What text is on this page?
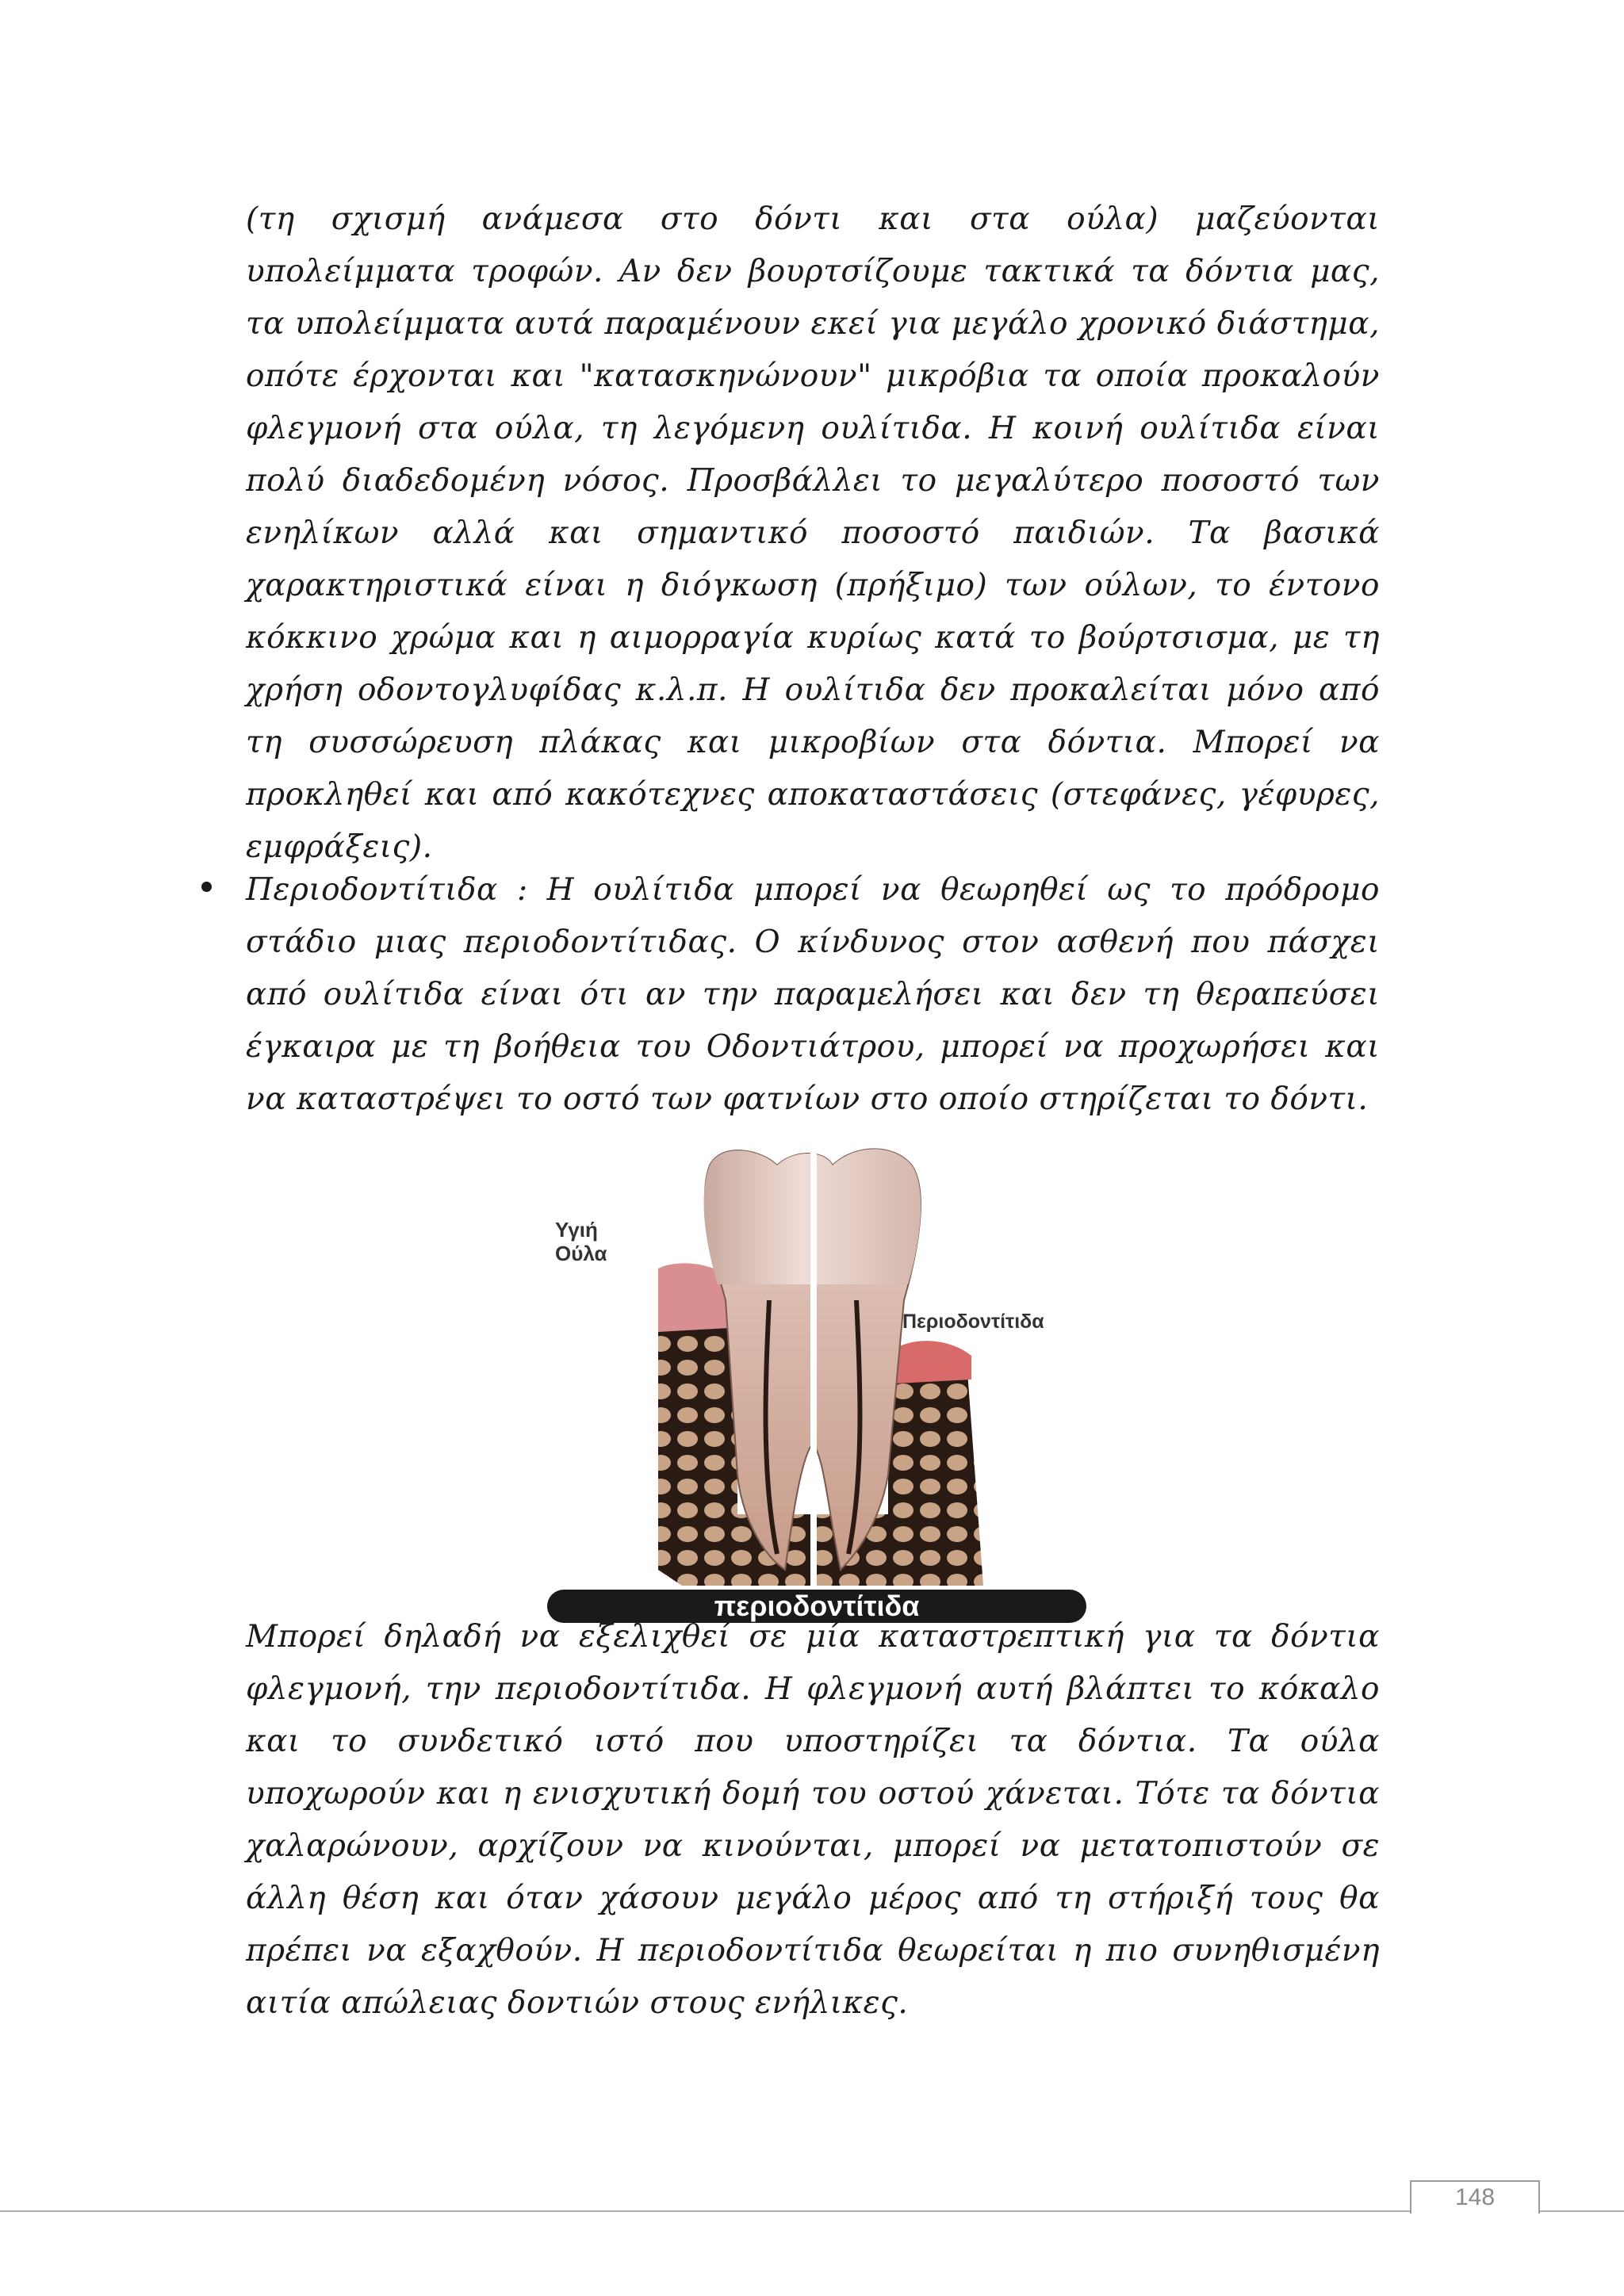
(τη σχισμή ανάμεσα στο δόντι και στα ούλα) μαζεύονται υπολείμματα τροφών. Αν δεν βουρτσίζουμε τακτικά τα δόντια μας, τα υπολείμματα αυτά παραμένουν εκεί για μεγάλο χρονικό διάστημα, οπότε έρχονται και "κατασκηνώνουν" μικρόβια τα οποία προκαλούν φλεγμονή στα ούλα, τη λεγόμενη ουλίτιδα. Η κοινή ουλίτιδα είναι πολύ διαδεδομένη νόσος. Προσβάλλει το μεγαλύτερο ποσοστό των ενηλίκων αλλά και σημαντικό ποσοστό παιδιών. Τα βασικά χαρακτηριστικά είναι η διόγκωση (πρήξιμο) των ούλων, το έντονο κόκκινο χρώμα και η αιμορραγία κυρίως κατά το βούρτσισμα, με τη χρήση οδοντογλυφίδας κ.λ.π. Η ουλίτιδα δεν προκαλείται μόνο από τη συσσώρευση πλάκας και μικροβίων στα δόντια. Μπορεί να προκληθεί και από κακότεχνες αποκαταστάσεις (στεφάνες, γέφυρες, εμφράξεις).

Περιοδοντίτιδα : Η ουλίτιδα μπορεί να θεωρηθεί ως το πρόδρομο στάδιο μιας περιοδοντίτιδας. Ο κίνδυνος στον ασθενή που πάσχει από ουλίτιδα είναι ότι αν την παραμελήσει και δεν τη θεραπεύσει έγκαιρα με τη βοήθεια του Οδοντιάτρου, μπορεί να προχωρήσει και να καταστρέψει το οστό των φατνίων στο οποίο στηρίζεται το δόντι.

Υγιή
Ούλα
Περιοδοντίτιδα
περιοδοντίτιδα

Μπορεί δηλαδή να εξελιχθεί σε μία καταστρεπτική για τα δόντια φλεγμονή, την περιοδοντίτιδα. Η φλεγμονή αυτή βλάπτει το κόκαλο και το συνδετικό ιστό που υποστηρίζει τα δόντια. Τα ούλα υποχωρούν και η ενισχυτική δομή του οστού χάνεται. Τότε τα δόντια χαλαρώνουν, αρχίζουν να κινούνται, μπορεί να μετατοπιστούν σε άλλη θέση και όταν χάσουν μεγάλο μέρος από τη στήριξή τους θα πρέπει να εξαχθούν. Η περιοδοντίτιδα θεωρείται η πιο συνηθισμένη αιτία απώλειας δοντιών στους ενήλικες.

148
